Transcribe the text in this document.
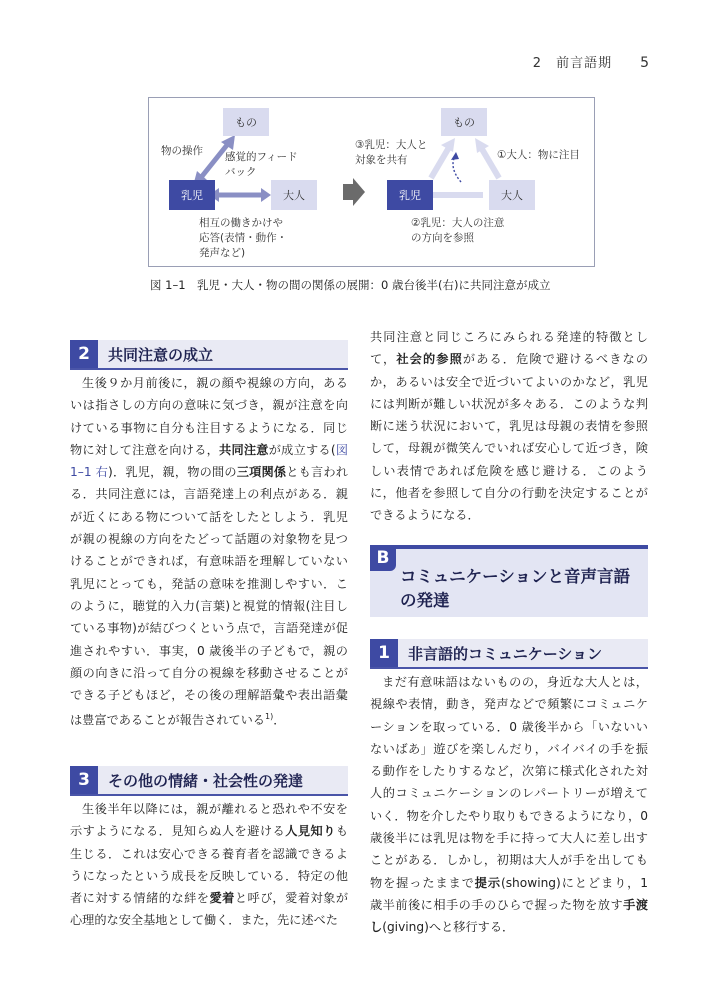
2　前言語期 5
もの
乳児	大人
物の操作 感覚的フィード
バック
相互の働きかけや
応答(表情・動作・
発声など)
もの
乳児	大人
③乳児：大人と
対象を共有	①大人：物に注目
②乳児：大人の注意
の方向を参照
図 1–1　乳児・大人・物の間の関係の展開：0 歳台後半(右)に共同注意が成立
2	共同注意の成立

生後９か月前後に，親の顔や視線の方向，あるいは指さしの方向の意味に気づき，親が注意を向けている事物に自分も注目するようになる．同じ物に対して注意を向ける，共同注意が成立する(図 1–1 右)．乳児，親，物の間の三項関係とも言われる．共同注意には，言語発達上の利点がある．親が近くにある物について話をしたとしよう．乳児が親の視線の方向をたどって話題の対象物を見つけることができれば，有意味語を理解していない乳児にとっても，発話の意味を推測しやすい．このように，聴覚的入力(言葉)と視覚的情報(注目している事物)が結びつくという点で，言語発達が促進されやすい．事実，0 歳後半の子どもで，親の顔の向きに沿って自分の視線を移動させることができる子どもほど，その後の理解語彙や表出語彙は豊富であることが報告されている$^{1)}$．

3	その他の情緒・社会性の発達

生後半年以降には，親が離れると恐れや不安を示すようになる．見知らぬ人を避ける人見知りも生じる．これは安心できる養育者を認識できるようになったという成長を反映している．特定の他者に対する情緒的な絆を愛着と呼び，愛着対象が心理的な安全基地として働く．また，先に述べた

共同注意と同じころにみられる発達的特徴として，社会的参照がある．危険で避けるべきなのか，あるいは安全で近づいてよいのかなど，乳児には判断が難しい状況が多々ある．このような判断に迷う状況において，乳児は母親の表情を参照して，母親が微笑んでいれば安心して近づき，険しい表情であれば危険を感じ避ける．このように，他者を参照して自分の行動を決定することができるようになる．

B
コミュニケーションと音声言語の発達
1	非言語的コミュニケーション

まだ有意味語はないものの，身近な大人とは，視線や表情，動き，発声などで頻繁にコミュニケーションを取っている．0 歳後半から「いないいないばあ」遊びを楽しんだり，バイバイの手を振る動作をしたりするなど，次第に様式化された対人的コミュニケーションのレパートリーが増えていく．物を介したやり取りもできるようになり，0 歳後半には乳児は物を手に持って大人に差し出すことがある．しかし，初期は大人が手を出しても物を握ったままで提示(showing)にとどまり，1 歳半前後に相手の手のひらで握った物を放す手渡し(giving)へと移行する．
